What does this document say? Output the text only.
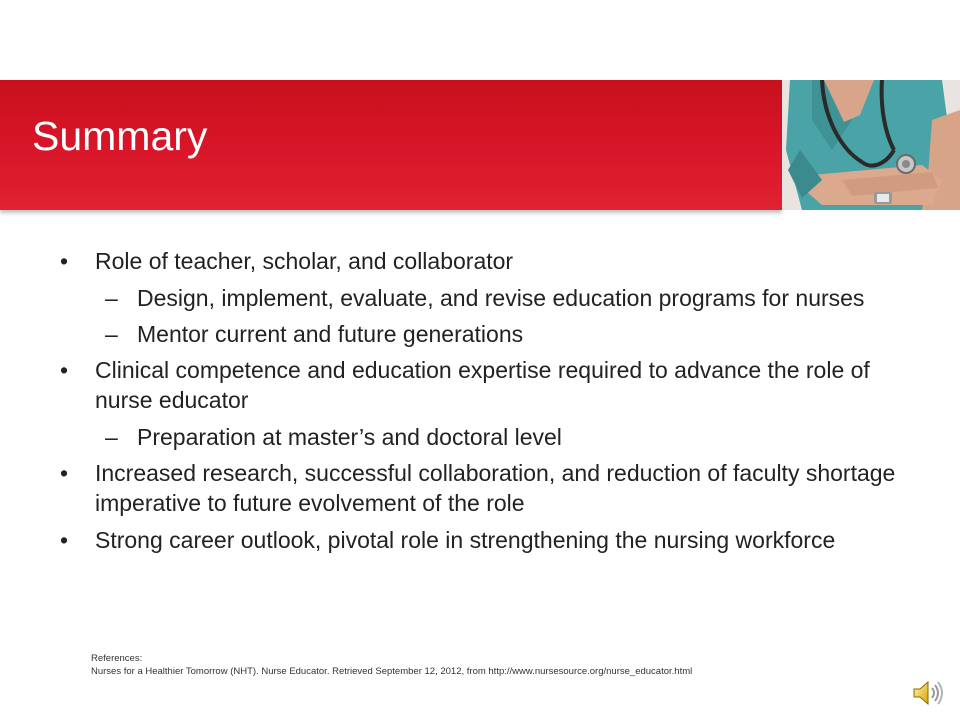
Summary
• Role of teacher, scholar, and collaborator
– Design, implement, evaluate, and revise education programs for nurses
– Mentor current and future generations
• Clinical competence and education expertise required to advance the role of nurse educator
– Preparation at master’s and doctoral level
• Increased research, successful collaboration, and reduction of faculty shortage imperative to future evolvement of the role
• Strong career outlook, pivotal role in strengthening the nursing workforce
References:
Nurses for a Healthier Tomorrow (NHT). Nurse Educator. Retrieved September 12, 2012, from http://www.nursesource.org/nurse_educator.html
